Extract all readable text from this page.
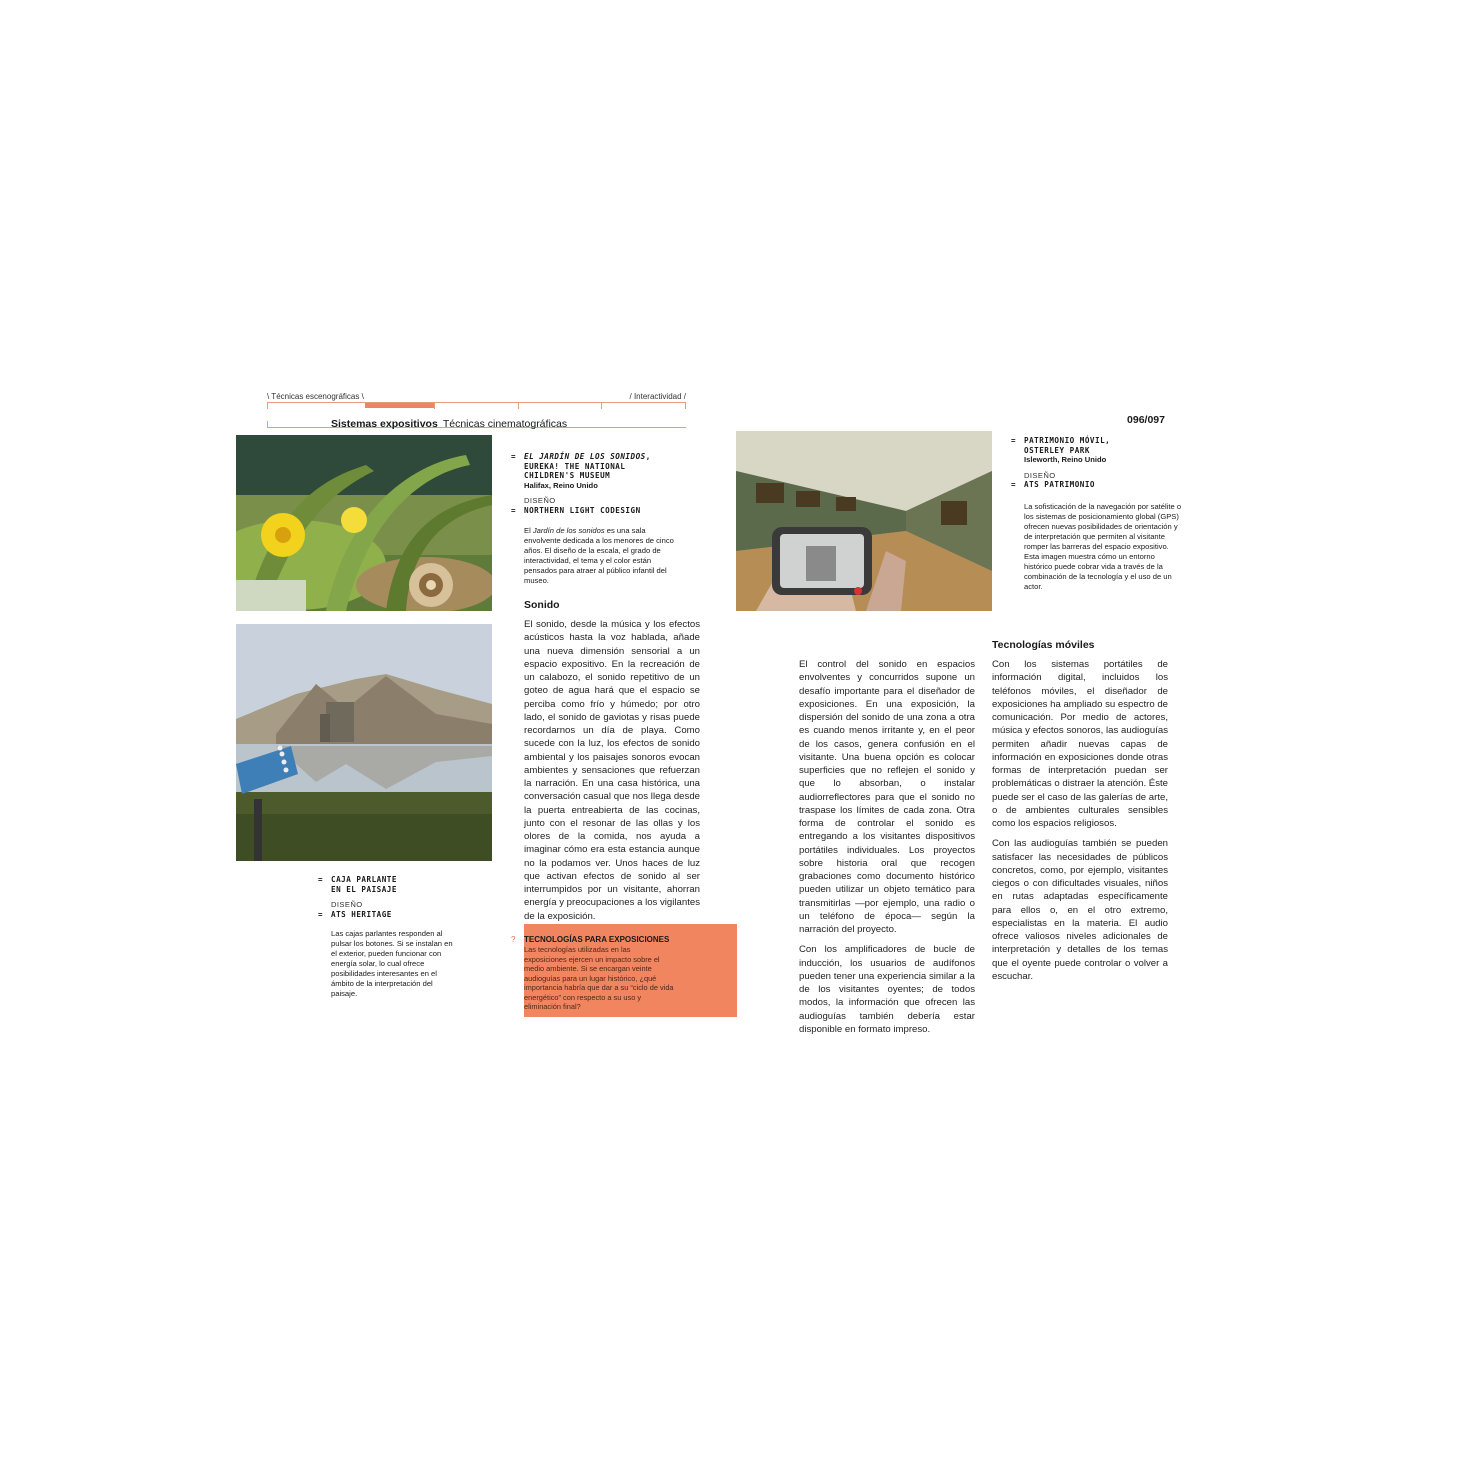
\ Técnicas escenográficas \	/ Interactividad /
Sistemas expositivos Técnicas cinematográficas	096/097
= EL JARDÍN DE LOS SONIDOS,
EUREKA! THE NATIONAL
CHILDREN'S MUSEUM
Halifax, Reino Unido
DISEÑO
= NORTHERN LIGHT CODESIGN
El Jardín de los sonidos es una sala envolvente dedicada a los menores de cinco años. El diseño de la escala, el grado de interactividad, el tema y el color están pensados para atraer al público infantil del museo.
= CAJA PARLANTE
EN EL PAISAJE
DISEÑO
= ATS HERITAGE
Las cajas parlantes responden al pulsar los botones. Si se instalan en el exterior, pueden funcionar con energía solar, lo cual ofrece posibilidades interesantes en el ámbito de la interpretación del paisaje.
= PATRIMONIO MÓVIL,
OSTERLEY PARK
Isleworth, Reino Unido
DISEÑO
= ATS PATRIMONIO
La sofisticación de la navegación por satélite o los sistemas de posicionamiento global (GPS) ofrecen nuevas posibilidades de orientación y de interpretación que permiten al visitante romper las barreras del espacio expositivo. Esta imagen muestra cómo un entorno histórico puede cobrar vida a través de la combinación de la tecnología y el uso de un actor.
Sonido

El sonido, desde la música y los efectos acústicos hasta la voz hablada, añade una nueva dimensión sensorial a un espacio expositivo. En la recreación de un calabozo, el sonido repetitivo de un goteo de agua hará que el espacio se perciba como frío y húmedo; por otro lado, el sonido de gaviotas y risas puede recordarnos un día de playa. Como sucede con la luz, los efectos de sonido ambiental y los paisajes sonoros evocan ambientes y sensaciones que refuerzan la narración. En una casa histórica, una conversación casual que nos llega desde la puerta entreabierta de las cocinas, junto con el resonar de las ollas y los olores de la comida, nos ayuda a imaginar cómo era esta estancia aunque no la podamos ver. Unos haces de luz que activan efectos de sonido al ser interrumpidos por un visitante, ahorran energía y preocupaciones a los vigilantes de la exposición.

? TECNOLOGÍAS PARA EXPOSICIONES
Las tecnologías utilizadas en las exposiciones ejercen un impacto sobre el medio ambiente. Si se encargan veinte audioguías para un lugar histórico, ¿qué importancia habría que dar a su “ciclo de vida energético” con respecto a su uso y eliminación final?

El control del sonido en espacios envolventes y concurridos supone un desafío importante para el diseñador de exposiciones. En una exposición, la dispersión del sonido de una zona a otra es cuando menos irritante y, en el peor de los casos, genera confusión en el visitante. Una buena opción es colocar superficies que no reflejen el sonido y que lo absorban, o instalar audiorreflectores para que el sonido no traspase los límites de cada zona. Otra forma de controlar el sonido es entregando a los visitantes dispositivos portátiles individuales. Los proyectos sobre historia oral que recogen grabaciones como documento histórico pueden utilizar un objeto temático para transmitirlas —por ejemplo, una radio o un teléfono de época— según la narración del proyecto.

Con los amplificadores de bucle de inducción, los usuarios de audífonos pueden tener una experiencia similar a la de los visitantes oyentes; de todos modos, la información que ofrecen las audioguías también debería estar disponible en formato impreso.

Tecnologías móviles

Con los sistemas portátiles de información digital, incluidos los teléfonos móviles, el diseñador de exposiciones ha ampliado su espectro de comunicación. Por medio de actores, música y efectos sonoros, las audioguías permiten añadir nuevas capas de información en exposiciones donde otras formas de interpretación puedan ser problemáticas o distraer la atención. Éste puede ser el caso de las galerías de arte, o de ambientes culturales sensibles como los espacios religiosos.

Con las audioguías también se pueden satisfacer las necesidades de públicos concretos, como, por ejemplo, visitantes ciegos o con dificultades visuales, niños en rutas adaptadas específicamente para ellos o, en el otro extremo, especialistas en la materia. El audio ofrece valiosos niveles adicionales de interpretación y detalles de los temas que el oyente puede controlar o volver a escuchar.
